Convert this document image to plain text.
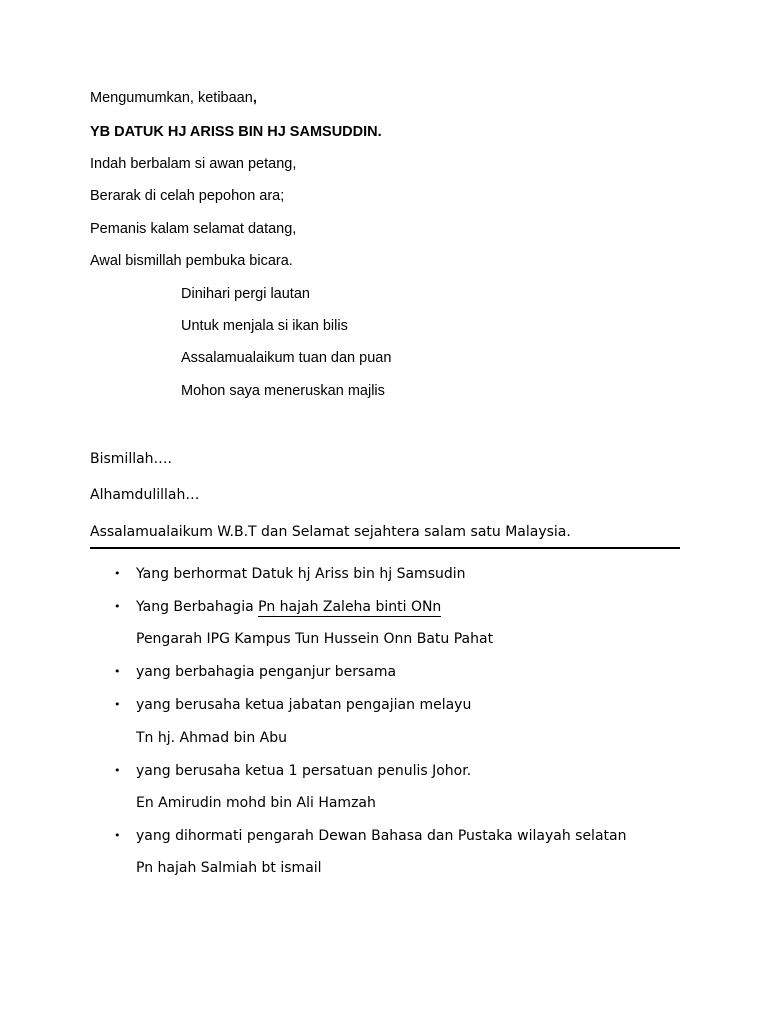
Mengumumkan, ketibaan,
YB DATUK HJ ARISS BIN HJ SAMSUDDIN.
Indah berbalam si awan petang,
Berarak di celah pepohon ara;
Pemanis kalam selamat datang,
Awal bismillah pembuka bicara.
Dinihari pergi lautan
Untuk menjala si ikan bilis
Assalamualaikum tuan dan puan
Mohon saya meneruskan majlis
Bismillah….
Alhamdulillah…
Assalamualaikum W.B.T dan Selamat sejahtera salam satu Malaysia.
• Yang berhormat Datuk hj Ariss bin hj Samsudin
• Yang Berbahagia Pn hajah Zaleha binti ONn
Pengarah IPG Kampus Tun Hussein Onn Batu Pahat
• yang berbahagia penganjur bersama
• yang berusaha ketua jabatan pengajian melayu
Tn hj. Ahmad bin Abu
• yang berusaha ketua 1 persatuan penulis Johor.
En Amirudin mohd bin Ali Hamzah
• yang dihormati pengarah Dewan Bahasa dan Pustaka wilayah selatan
Pn hajah Salmiah bt ismail
